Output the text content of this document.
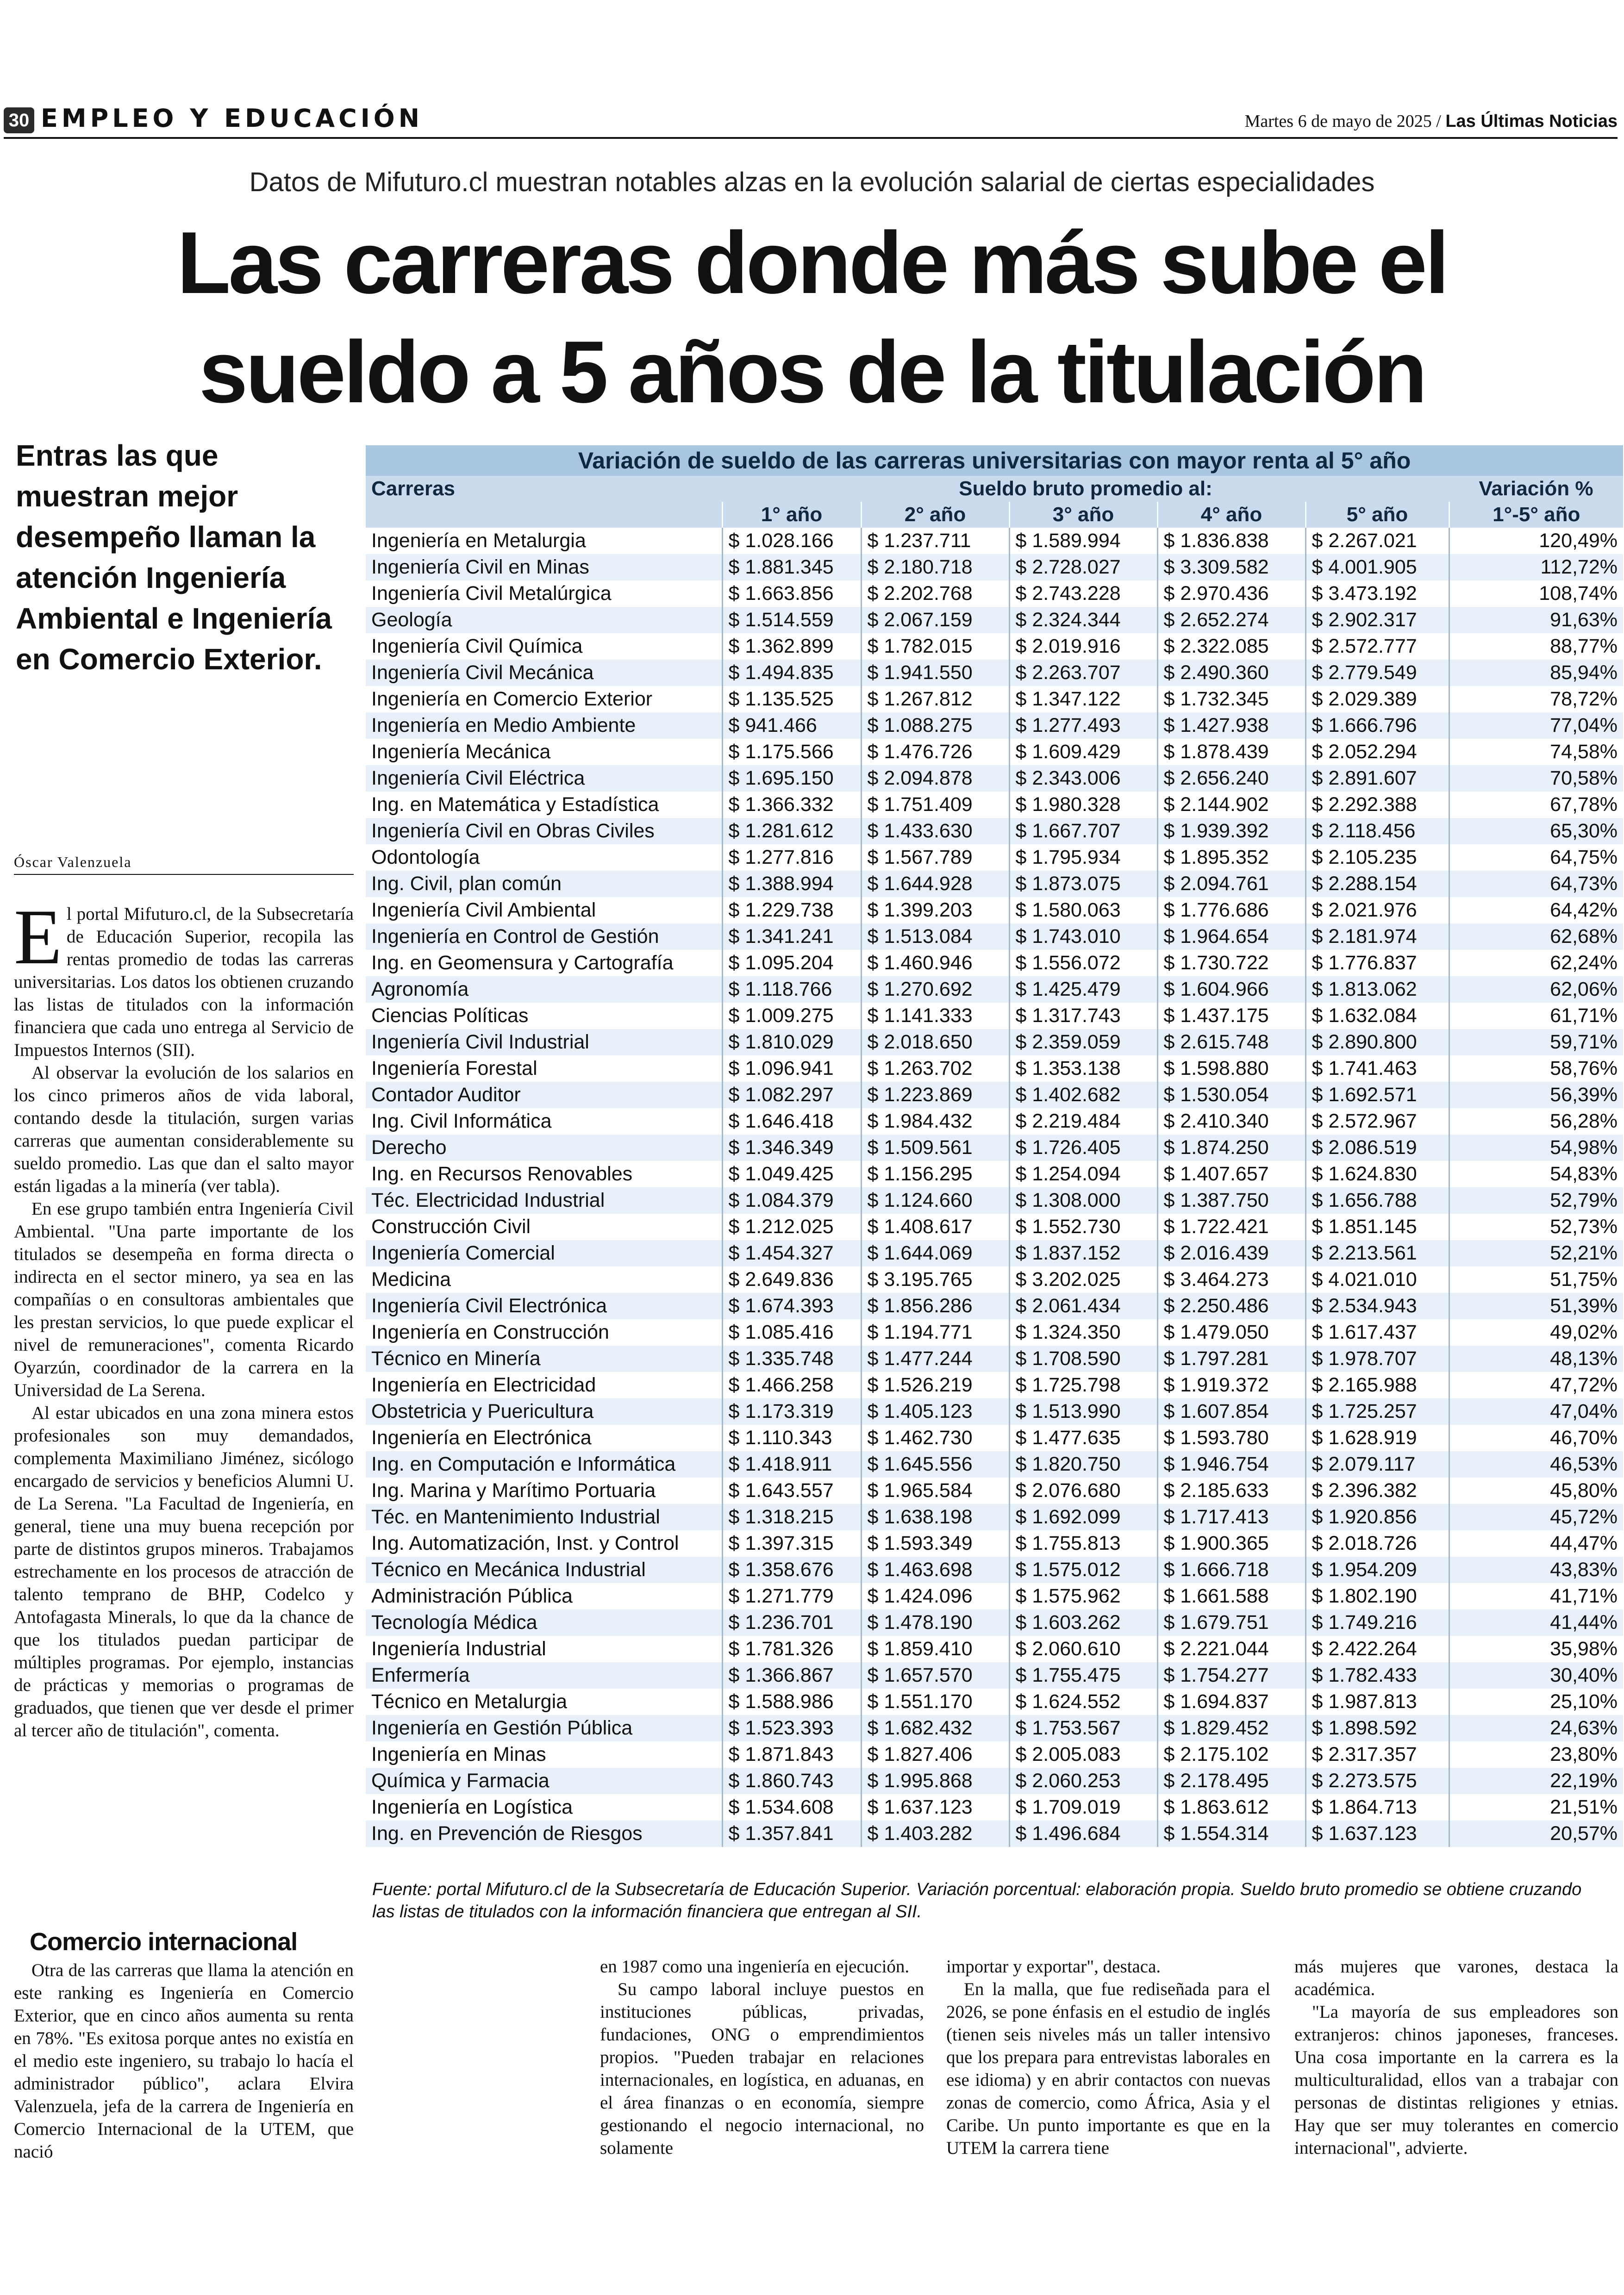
30 EMPLEO Y EDUCACIÓN	Martes 6 de mayo de 2025 / Las Últimas Noticias
Datos de Mifuturo.cl muestran notables alzas en la evolución salarial de ciertas especialidades
Las carreras donde más sube el
sueldo a 5 años de la titulación
Entras las que muestran mejor desempeño llaman la atención Ingeniería Ambiental e Ingeniería en Comercio Exterior.
Óscar Valenzuela

El portal Mifuturo.cl, de la Subsecretaría de Educación Superior, recopila las rentas promedio de todas las carreras universitarias. Los datos los obtienen cruzando las listas de titulados con la información financiera que cada uno entrega al Servicio de Impuestos Internos (SII).

Al observar la evolución de los salarios en los cinco primeros años de vida laboral, contando desde la titulación, surgen varias carreras que aumentan considerablemente su sueldo promedio. Las que dan el salto mayor están ligadas a la minería (ver tabla).

En ese grupo también entra Ingeniería Civil Ambiental. "Una parte importante de los titulados se desempeña en forma directa o indirecta en el sector minero, ya sea en las compañías o en consultoras ambientales que les prestan servicios, lo que puede explicar el nivel de remuneraciones", comenta Ricardo Oyarzún, coordinador de la carrera en la Universidad de La Serena.

Al estar ubicados en una zona minera estos profesionales son muy demandados, complementa Maximiliano Jiménez, sicólogo encargado de servicios y beneficios Alumni U. de La Serena. "La Facultad de Ingeniería, en general, tiene una muy buena recepción por parte de distintos grupos mineros. Trabajamos estrechamente en los procesos de atracción de talento temprano de BHP, Codelco y Antofagasta Minerals, lo que da la chance de que los titulados puedan participar de múltiples programas. Por ejemplo, instancias de prácticas y memorias o programas de graduados, que tienen que ver desde el primer al tercer año de titulación", comenta.

Comercio internacional

Otra de las carreras que llama la atención en este ranking es Ingeniería en Comercio Exterior, que en cinco años aumenta su renta en 78%. "Es exitosa porque antes no existía en el medio este ingeniero, su trabajo lo hacía el administrador público", aclara Elvira Valenzuela, jefa de la carrera de Ingeniería en Comercio Internacional de la UTEM, que nació

en 1987 como una ingeniería en ejecución.

Su campo laboral incluye puestos en instituciones públicas, privadas, fundaciones, ONG o emprendimientos propios. "Pueden trabajar en relaciones internacionales, en logística, en aduanas, en el área finanzas o en economía, siempre gestionando el negocio internacional, no solamente

importar y exportar", destaca.

En la malla, que fue rediseñada para el 2026, se pone énfasis en el estudio de inglés (tienen seis niveles más un taller intensivo que los prepara para entrevistas laborales en ese idioma) y en abrir contactos con nuevas zonas de comercio, como África, Asia y el Caribe. Un punto importante es que en la UTEM la carrera tiene

más mujeres que varones, destaca la académica.

"La mayoría de sus empleadores son extranjeros: chinos japoneses, franceses. Una cosa importante en la carrera es la multiculturalidad, ellos van a trabajar con personas de distintas religiones y etnias. Hay que ser muy tolerantes en comercio internacional", advierte.

Variación de sueldo de las carreras universitarias con mayor renta al 5° año						
Carreras	Sueldo bruto promedio al:					Variación %
	1° año	2° año	3° año	4° año	5° año	1°-5° año
Ingeniería en Metalurgia	$ 1.028.166	$ 1.237.711	$ 1.589.994	$ 1.836.838	$ 2.267.021	120,49%
Ingeniería Civil en Minas	$ 1.881.345	$ 2.180.718	$ 2.728.027	$ 3.309.582	$ 4.001.905	112,72%
Ingeniería Civil Metalúrgica	$ 1.663.856	$ 2.202.768	$ 2.743.228	$ 2.970.436	$ 3.473.192	108,74%
Geología	$ 1.514.559	$ 2.067.159	$ 2.324.344	$ 2.652.274	$ 2.902.317	91,63%
Ingeniería Civil Química	$ 1.362.899	$ 1.782.015	$ 2.019.916	$ 2.322.085	$ 2.572.777	88,77%
Ingeniería Civil Mecánica	$ 1.494.835	$ 1.941.550	$ 2.263.707	$ 2.490.360	$ 2.779.549	85,94%
Ingeniería en Comercio Exterior	$ 1.135.525	$ 1.267.812	$ 1.347.122	$ 1.732.345	$ 2.029.389	78,72%
Ingeniería en Medio Ambiente	$ 941.466	$ 1.088.275	$ 1.277.493	$ 1.427.938	$ 1.666.796	77,04%
Ingeniería Mecánica	$ 1.175.566	$ 1.476.726	$ 1.609.429	$ 1.878.439	$ 2.052.294	74,58%
Ingeniería Civil Eléctrica	$ 1.695.150	$ 2.094.878	$ 2.343.006	$ 2.656.240	$ 2.891.607	70,58%
Ing. en Matemática y Estadística	$ 1.366.332	$ 1.751.409	$ 1.980.328	$ 2.144.902	$ 2.292.388	67,78%
Ingeniería Civil en Obras Civiles	$ 1.281.612	$ 1.433.630	$ 1.667.707	$ 1.939.392	$ 2.118.456	65,30%
Odontología	$ 1.277.816	$ 1.567.789	$ 1.795.934	$ 1.895.352	$ 2.105.235	64,75%
Ing. Civil, plan común	$ 1.388.994	$ 1.644.928	$ 1.873.075	$ 2.094.761	$ 2.288.154	64,73%
Ingeniería Civil Ambiental	$ 1.229.738	$ 1.399.203	$ 1.580.063	$ 1.776.686	$ 2.021.976	64,42%
Ingeniería en Control de Gestión	$ 1.341.241	$ 1.513.084	$ 1.743.010	$ 1.964.654	$ 2.181.974	62,68%
Ing. en Geomensura y Cartografía	$ 1.095.204	$ 1.460.946	$ 1.556.072	$ 1.730.722	$ 1.776.837	62,24%
Agronomía	$ 1.118.766	$ 1.270.692	$ 1.425.479	$ 1.604.966	$ 1.813.062	62,06%
Ciencias Políticas	$ 1.009.275	$ 1.141.333	$ 1.317.743	$ 1.437.175	$ 1.632.084	61,71%
Ingeniería Civil Industrial	$ 1.810.029	$ 2.018.650	$ 2.359.059	$ 2.615.748	$ 2.890.800	59,71%
Ingeniería Forestal	$ 1.096.941	$ 1.263.702	$ 1.353.138	$ 1.598.880	$ 1.741.463	58,76%
Contador Auditor	$ 1.082.297	$ 1.223.869	$ 1.402.682	$ 1.530.054	$ 1.692.571	56,39%
Ing. Civil Informática	$ 1.646.418	$ 1.984.432	$ 2.219.484	$ 2.410.340	$ 2.572.967	56,28%
Derecho	$ 1.346.349	$ 1.509.561	$ 1.726.405	$ 1.874.250	$ 2.086.519	54,98%
Ing. en Recursos Renovables	$ 1.049.425	$ 1.156.295	$ 1.254.094	$ 1.407.657	$ 1.624.830	54,83%
Téc. Electricidad Industrial	$ 1.084.379	$ 1.124.660	$ 1.308.000	$ 1.387.750	$ 1.656.788	52,79%
Construcción Civil	$ 1.212.025	$ 1.408.617	$ 1.552.730	$ 1.722.421	$ 1.851.145	52,73%
Ingeniería Comercial	$ 1.454.327	$ 1.644.069	$ 1.837.152	$ 2.016.439	$ 2.213.561	52,21%
Medicina	$ 2.649.836	$ 3.195.765	$ 3.202.025	$ 3.464.273	$ 4.021.010	51,75%
Ingeniería Civil Electrónica	$ 1.674.393	$ 1.856.286	$ 2.061.434	$ 2.250.486	$ 2.534.943	51,39%
Ingeniería en Construcción	$ 1.085.416	$ 1.194.771	$ 1.324.350	$ 1.479.050	$ 1.617.437	49,02%
Técnico en Minería	$ 1.335.748	$ 1.477.244	$ 1.708.590	$ 1.797.281	$ 1.978.707	48,13%
Ingeniería en Electricidad	$ 1.466.258	$ 1.526.219	$ 1.725.798	$ 1.919.372	$ 2.165.988	47,72%
Obstetricia y Puericultura	$ 1.173.319	$ 1.405.123	$ 1.513.990	$ 1.607.854	$ 1.725.257	47,04%
Ingeniería en Electrónica	$ 1.110.343	$ 1.462.730	$ 1.477.635	$ 1.593.780	$ 1.628.919	46,70%
Ing. en Computación e Informática	$ 1.418.911	$ 1.645.556	$ 1.820.750	$ 1.946.754	$ 2.079.117	46,53%
Ing. Marina y Marítimo Portuaria	$ 1.643.557	$ 1.965.584	$ 2.076.680	$ 2.185.633	$ 2.396.382	45,80%
Téc. en Mantenimiento Industrial	$ 1.318.215	$ 1.638.198	$ 1.692.099	$ 1.717.413	$ 1.920.856	45,72%
Ing. Automatización, Inst. y Control	$ 1.397.315	$ 1.593.349	$ 1.755.813	$ 1.900.365	$ 2.018.726	44,47%
Técnico en Mecánica Industrial	$ 1.358.676	$ 1.463.698	$ 1.575.012	$ 1.666.718	$ 1.954.209	43,83%
Administración Pública	$ 1.271.779	$ 1.424.096	$ 1.575.962	$ 1.661.588	$ 1.802.190	41,71%
Tecnología Médica	$ 1.236.701	$ 1.478.190	$ 1.603.262	$ 1.679.751	$ 1.749.216	41,44%
Ingeniería Industrial	$ 1.781.326	$ 1.859.410	$ 2.060.610	$ 2.221.044	$ 2.422.264	35,98%
Enfermería	$ 1.366.867	$ 1.657.570	$ 1.755.475	$ 1.754.277	$ 1.782.433	30,40%
Técnico en Metalurgia	$ 1.588.986	$ 1.551.170	$ 1.624.552	$ 1.694.837	$ 1.987.813	25,10%
Ingeniería en Gestión Pública	$ 1.523.393	$ 1.682.432	$ 1.753.567	$ 1.829.452	$ 1.898.592	24,63%
Ingeniería en Minas	$ 1.871.843	$ 1.827.406	$ 2.005.083	$ 2.175.102	$ 2.317.357	23,80%
Química y Farmacia	$ 1.860.743	$ 1.995.868	$ 2.060.253	$ 2.178.495	$ 2.273.575	22,19%
Ingeniería en Logística	$ 1.534.608	$ 1.637.123	$ 1.709.019	$ 1.863.612	$ 1.864.713	21,51%
Ing. en Prevención de Riesgos	$ 1.357.841	$ 1.403.282	$ 1.496.684	$ 1.554.314	$ 1.637.123	20,57%
Fuente: portal Mifuturo.cl de la Subsecretaría de Educación Superior. Variación porcentual: elaboración propia. Sueldo bruto promedio se obtiene cruzando las listas de titulados con la información financiera que entregan al SII.
